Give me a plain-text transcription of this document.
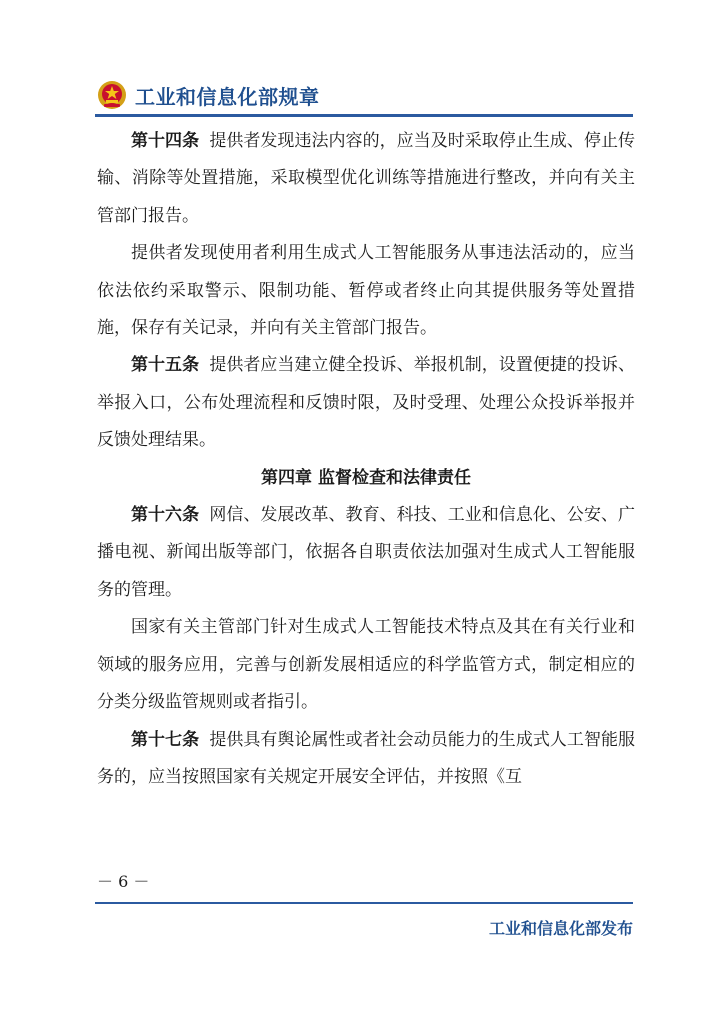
工业和信息化部规章

第十四条 提供者发现违法内容的，应当及时采取停止生成、停止传输、消除等处置措施，采取模型优化训练等措施进行整改，并向有关主管部门报告。

提供者发现使用者利用生成式人工智能服务从事违法活动的，应当依法依约采取警示、限制功能、暂停或者终止向其提供服务等处置措施，保存有关记录，并向有关主管部门报告。

第十五条 提供者应当建立健全投诉、举报机制，设置便捷的投诉、举报入口，公布处理流程和反馈时限，及时受理、处理公众投诉举报并反馈处理结果。

第四章 监督检查和法律责任

第十六条 网信、发展改革、教育、科技、工业和信息化、公安、广播电视、新闻出版等部门，依据各自职责依法加强对生成式人工智能服务的管理。

国家有关主管部门针对生成式人工智能技术特点及其在有关行业和领域的服务应用，完善与创新发展相适应的科学监管方式，制定相应的分类分级监管规则或者指引。

第十七条 提供具有舆论属性或者社会动员能力的生成式人工智能服务的，应当按照国家有关规定开展安全评估，并按照《互

－ 6 －
工业和信息化部发布
